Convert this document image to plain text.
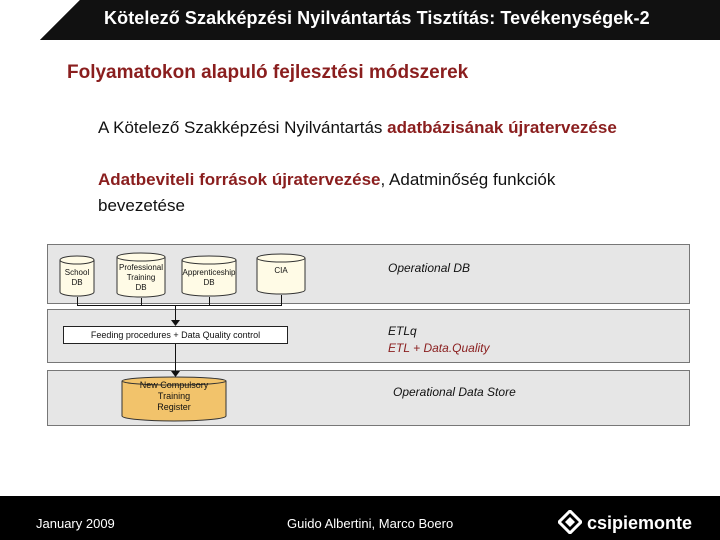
Kötelező Szakképzési Nyilvántartás Tisztítás: Tevékenységek-2
Folyamatokon alapuló fejlesztési módszerek
A Kötelező Szakképzési Nyilvántartás adatbázisának újratervezése
Adatbeviteli források újratervezése, Adatminőség funkciók
bevezetése
School
DB
Professional
Training
DB
Apprenticeship
DB
CIA
Feeding procedures + Data Quality control
New Compulsory
Training
Register
Operational DB
ETLq
ETL + Data.Quality
Operational Data Store
January 2009	Guido Albertini, Marco Boero	csipiemonte
